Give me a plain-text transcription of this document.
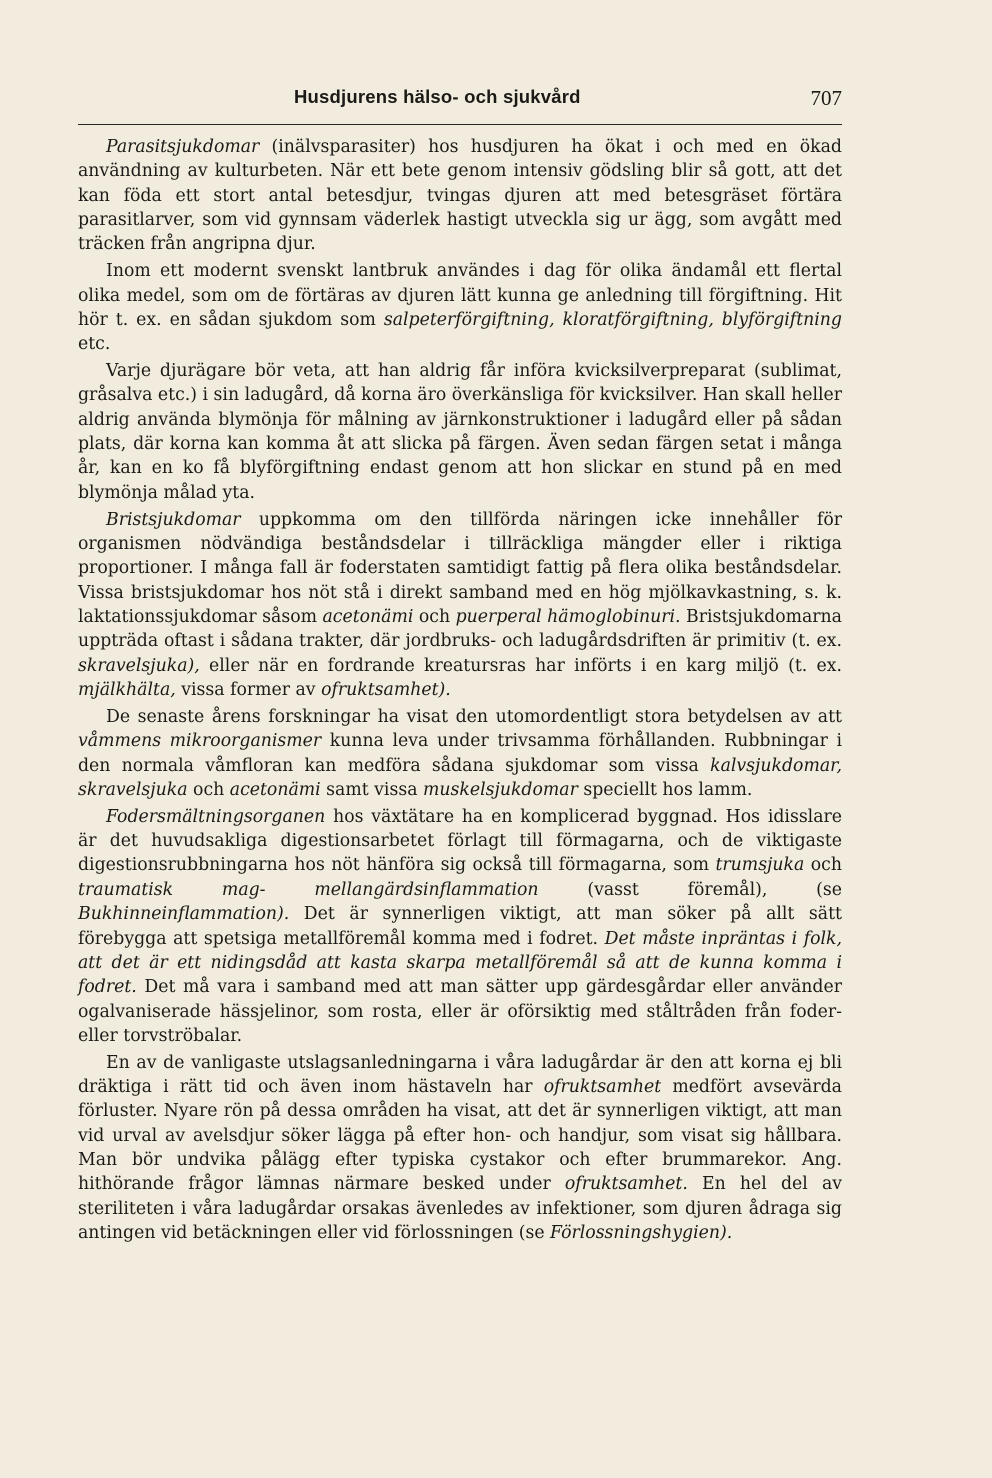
Husdjurens hälso- och sjukvård	707

Parasitsjukdomar (inälvsparasiter) hos husdjuren ha ökat i och med en ökad användning av kulturbeten. När ett bete genom intensiv gödsling blir så gott, att det kan föda ett stort antal betesdjur, tvingas djuren att med betesgräset förtära parasitlarver, som vid gynnsam väderlek hastigt utveckla sig ur ägg, som avgått med träcken från angripna djur.

Inom ett modernt svenskt lantbruk användes i dag för olika ändamål ett flertal olika medel, som om de förtäras av djuren lätt kunna ge anledning till förgiftning. Hit hör t. ex. en sådan sjukdom som salpeterförgiftning, kloratförgiftning, blyförgiftning etc.

Varje djurägare bör veta, att han aldrig får införa kvicksilverpreparat (sublimat, gråsalva etc.) i sin ladugård, då korna äro överkänsliga för kvicksilver. Han skall heller aldrig använda blymönja för målning av järnkonstruktioner i ladugård eller på sådan plats, där korna kan komma åt att slicka på färgen. Även sedan färgen setat i många år, kan en ko få blyförgiftning endast genom att hon slickar en stund på en med blymönja målad yta.

Bristsjukdomar uppkomma om den tillförda näringen icke innehåller för organismen nödvändiga beståndsdelar i tillräckliga mängder eller i riktiga proportioner. I många fall är foderstaten samtidigt fattig på flera olika beståndsdelar. Vissa bristsjukdomar hos nöt stå i direkt samband med en hög mjölkavkastning, s. k. laktationssjukdomar såsom acetonämi och puerperal hämoglobinuri. Bristsjukdomarna uppträda oftast i sådana trakter, där jordbruks- och ladugårdsdriften är primitiv (t. ex. skravelsjuka), eller när en fordrande kreatursras har införts i en karg miljö (t. ex. mjälkhälta, vissa former av ofruktsamhet).

De senaste årens forskningar ha visat den utomordentligt stora betydelsen av att våmmens mikroorganismer kunna leva under trivsamma förhållanden. Rubbningar i den normala våmfloran kan medföra sådana sjukdomar som vissa kalvsjukdomar, skravelsjuka och acetonämi samt vissa muskelsjukdomar speciellt hos lamm.

Fodersmältningsorganen hos växtätare ha en komplicerad byggnad. Hos idisslare är det huvudsakliga digestionsarbetet förlagt till förmagarna, och de viktigaste digestionsrubbningarna hos nöt hänföra sig också till förmagarna, som trumsjuka och traumatisk mag- mellangärdsinflammation (vasst föremål), (se Bukhinneinflammation). Det är synnerligen viktigt, att man söker på allt sätt förebygga att spetsiga metallföremål komma med i fodret. Det måste inpräntas i folk, att det är ett nidingsdåd att kasta skarpa metallföremål så att de kunna komma i fodret. Det må vara i samband med att man sätter upp gärdesgårdar eller använder ogalvaniserade hässjelinor, som rosta, eller är oförsiktig med ståltråden från foder- eller torvströbalar.

En av de vanligaste utslagsanledningarna i våra ladugårdar är den att korna ej bli dräktiga i rätt tid och även inom hästaveln har ofruktsamhet medfört avsevärda förluster. Nyare rön på dessa områden ha visat, att det är synnerligen viktigt, att man vid urval av avelsdjur söker lägga på efter hon- och handjur, som visat sig hållbara. Man bör undvika pålägg efter typiska cystakor och efter brummarekor. Ang. hithörande frågor lämnas närmare besked under ofruktsamhet. En hel del av steriliteten i våra ladugårdar orsakas ävenledes av infektioner, som djuren ådraga sig antingen vid betäckningen eller vid förlossningen (se Förlossningshygien).
